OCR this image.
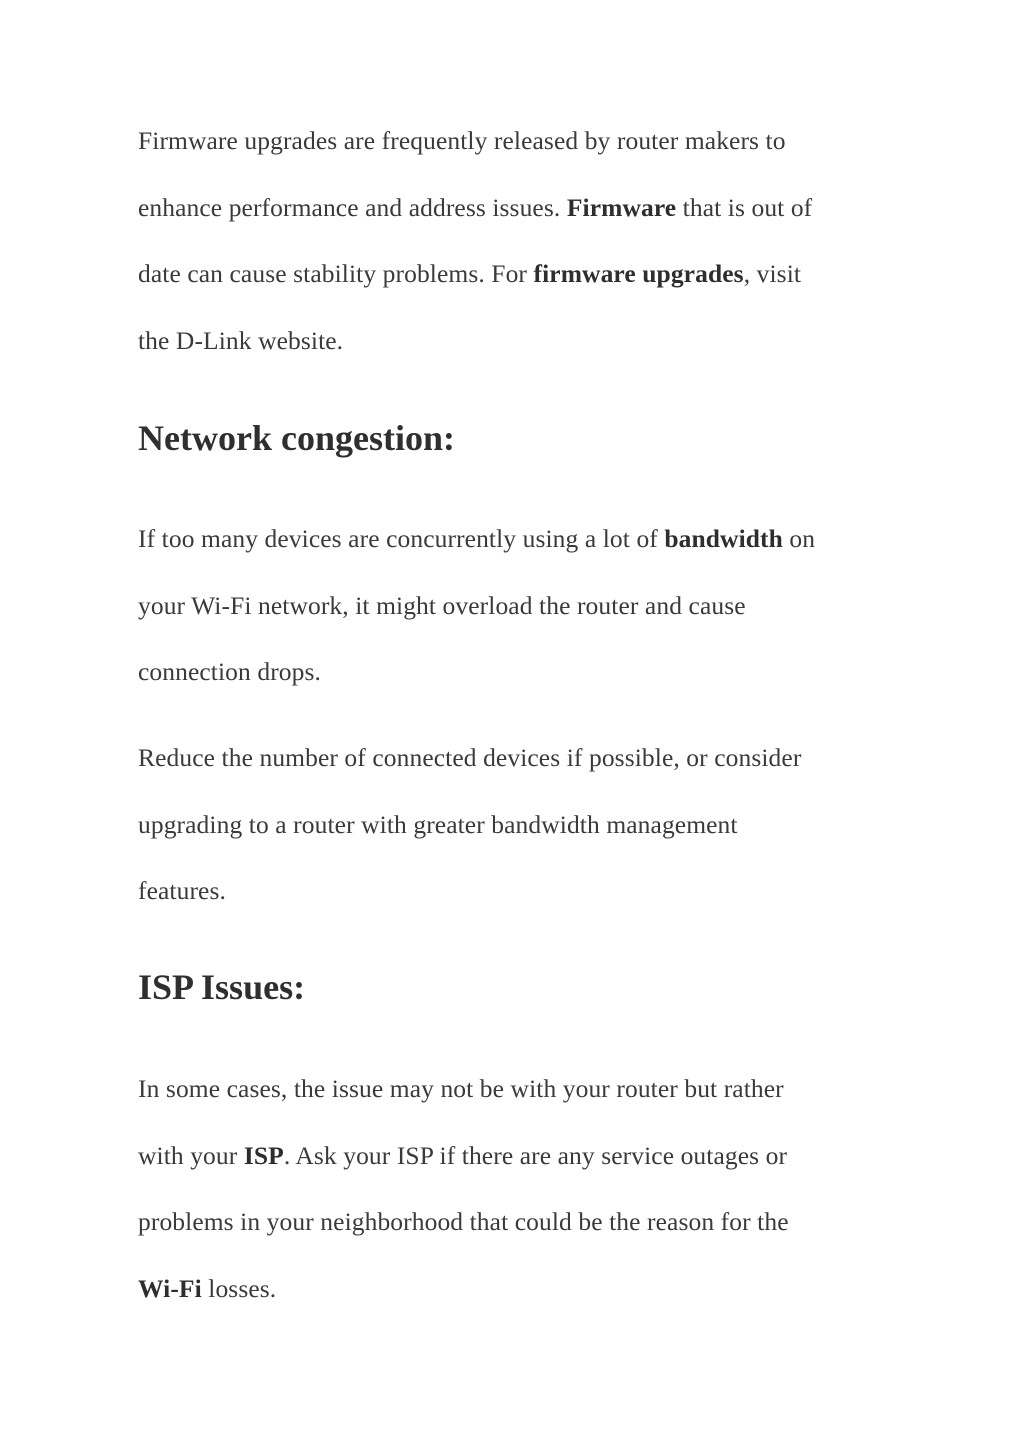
Firmware upgrades are frequently released by router makers to
enhance performance and address issues. Firmware that is out of
date can cause stability problems. For firmware upgrades, visit
the D-Link website.

Network congestion:

If too many devices are concurrently using a lot of bandwidth on
your Wi-Fi network, it might overload the router and cause
connection drops.

Reduce the number of connected devices if possible, or consider
upgrading to a router with greater bandwidth management
features.

ISP Issues:

In some cases, the issue may not be with your router but rather
with your ISP. Ask your ISP if there are any service outages or
problems in your neighborhood that could be the reason for the
Wi-Fi losses.
